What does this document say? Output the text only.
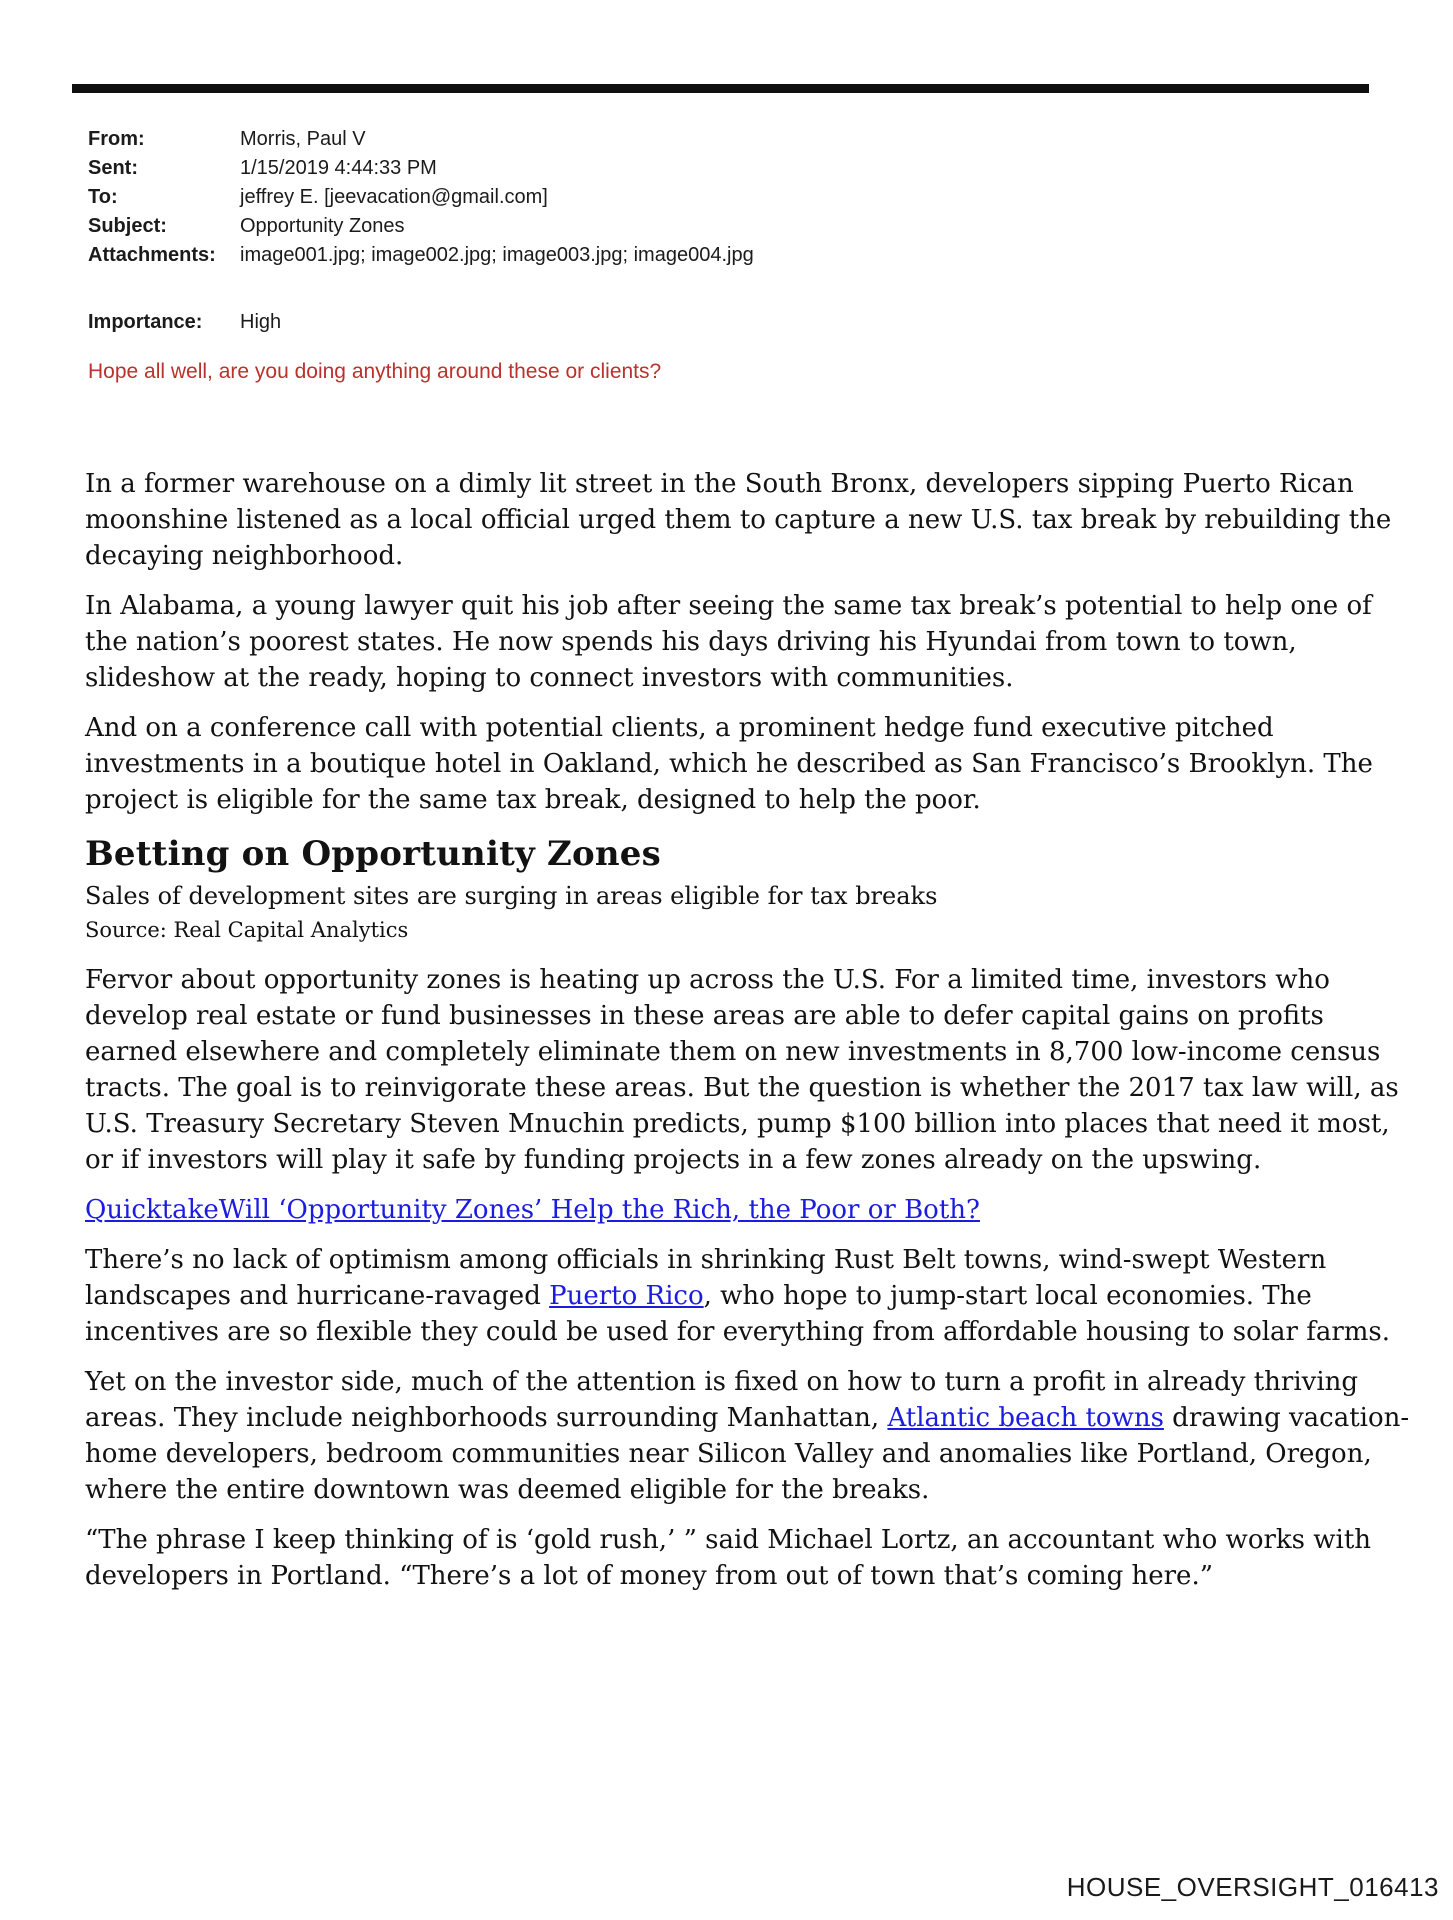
From:	Morris, Paul V
Sent:	1/15/2019 4:44:33 PM
To:	jeffrey E. [jeevacation@gmail.com]
Subject:	Opportunity Zones
Attachments:	image001.jpg; image002.jpg; image003.jpg; image004.jpg
Importance:	High

Hope all well, are you doing anything around these or clients?

In a former warehouse on a dimly lit street in the South Bronx, developers sipping Puerto Rican moonshine listened as a local official urged them to capture a new U.S. tax break by rebuilding the decaying neighborhood.

In Alabama, a young lawyer quit his job after seeing the same tax break’s potential to help one of the nation’s poorest states. He now spends his days driving his Hyundai from town to town, slideshow at the ready, hoping to connect investors with communities.

And on a conference call with potential clients, a prominent hedge fund executive pitched investments in a boutique hotel in Oakland, which he described as San Francisco’s Brooklyn. The project is eligible for the same tax break, designed to help the poor.

Betting on Opportunity Zones

Sales of development sites are surging in areas eligible for tax breaks

Source: Real Capital Analytics

Fervor about opportunity zones is heating up across the U.S. For a limited time, investors who develop real estate or fund businesses in these areas are able to defer capital gains on profits earned elsewhere and completely eliminate them on new investments in 8,700 low-income census tracts. The goal is to reinvigorate these areas. But the question is whether the 2017 tax law will, as U.S. Treasury Secretary Steven Mnuchin predicts, pump $100 billion into places that need it most, or if investors will play it safe by funding projects in a few zones already on the upswing.

QuicktakeWill ‘Opportunity Zones’ Help the Rich, the Poor or Both?

There’s no lack of optimism among officials in shrinking Rust Belt towns, wind-swept Western landscapes and hurricane-ravaged Puerto Rico, who hope to jump-start local economies. The incentives are so flexible they could be used for everything from affordable housing to solar farms.

Yet on the investor side, much of the attention is fixed on how to turn a profit in already thriving areas. They include neighborhoods surrounding Manhattan, Atlantic beach towns drawing vacation-home developers, bedroom communities near Silicon Valley and anomalies like Portland, Oregon, where the entire downtown was deemed eligible for the breaks.

“The phrase I keep thinking of is ‘gold rush,’ ” said Michael Lortz, an accountant who works with developers in Portland. “There’s a lot of money from out of town that’s coming here.”

HOUSE_OVERSIGHT_016413
